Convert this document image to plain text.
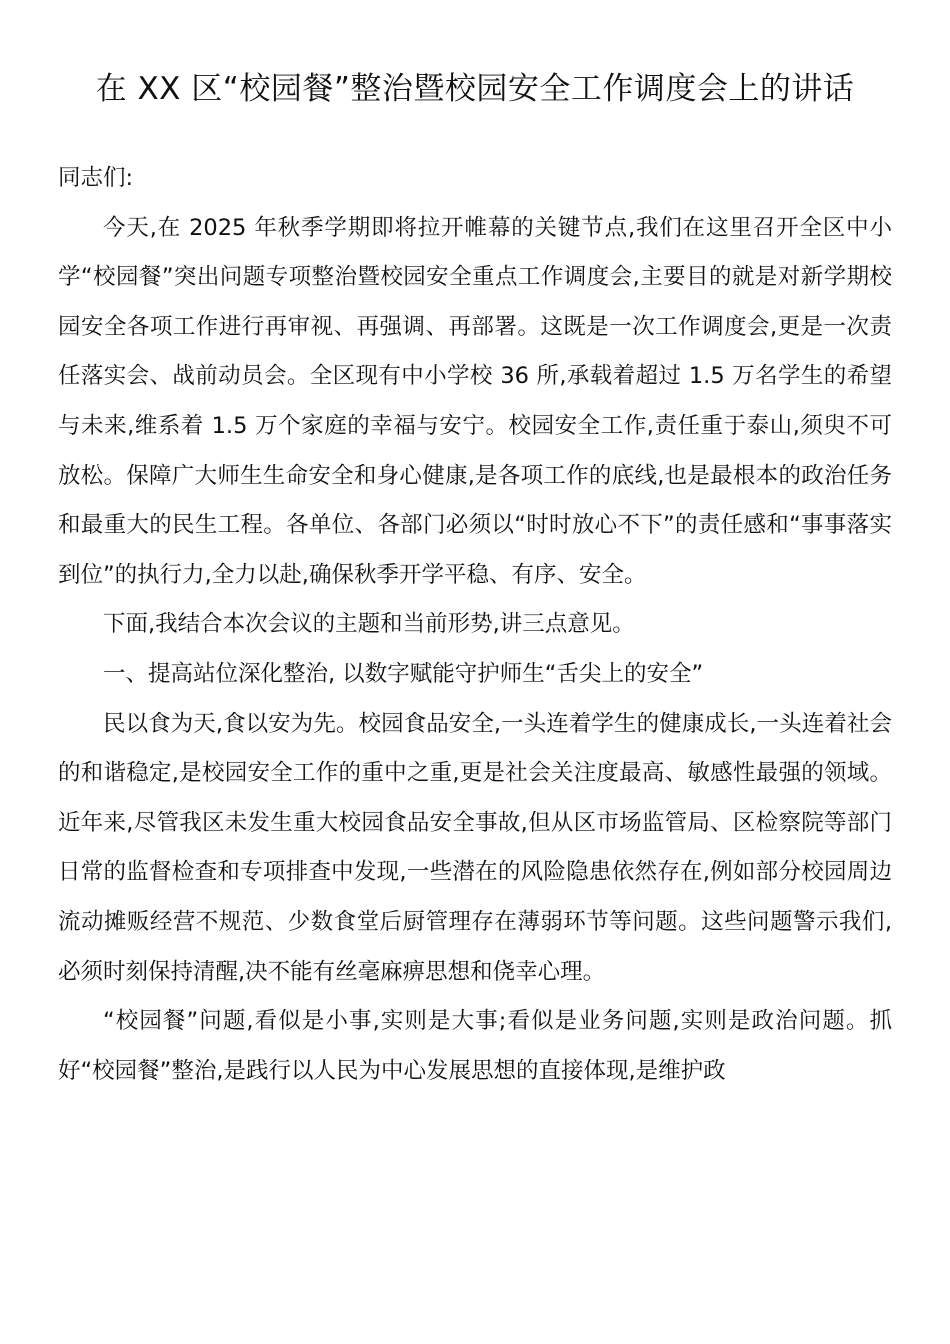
在 XX 区“校园餐”整治暨校园安全工作调度会上的讲话

同志们:

今天,在 2025 年秋季学期即将拉开帷幕的关键节点,我们在这里召开全区中小学“校园餐”突出问题专项整治暨校园安全重点工作调度会,主要目的就是对新学期校园安全各项工作进行再审视、再强调、再部署。这既是一次工作调度会,更是一次责任落实会、战前动员会。全区现有中小学校 36 所,承载着超过 1.5 万名学生的希望与未来,维系着 1.5 万个家庭的幸福与安宁。校园安全工作,责任重于泰山,须臾不可放松。保障广大师生生命安全和身心健康,是各项工作的底线,也是最根本的政治任务和最重大的民生工程。各单位、各部门必须以“时时放心不下”的责任感和“事事落实到位”的执行力,全力以赴,确保秋季开学平稳、有序、安全。

下面,我结合本次会议的主题和当前形势,讲三点意见。

一、提高站位深化整治, 以数字赋能守护师生“舌尖上的安全”

民以食为天,食以安为先。校园食品安全,一头连着学生的健康成长,一头连着社会的和谐稳定,是校园安全工作的重中之重,更是社会关注度最高、敏感性最强的领域。近年来,尽管我区未发生重大校园食品安全事故,但从区市场监管局、区检察院等部门日常的监督检查和专项排查中发现,一些潜在的风险隐患依然存在,例如部分校园周边流动摊贩经营不规范、少数食堂后厨管理存在薄弱环节等问题。这些问题警示我们,必须时刻保持清醒,决不能有丝毫麻痹思想和侥幸心理。

“校园餐”问题,看似是小事,实则是大事;看似是业务问题,实则是政治问题。抓好“校园餐”整治,是践行以人民为中心发展思想的直接体现,是维护政
